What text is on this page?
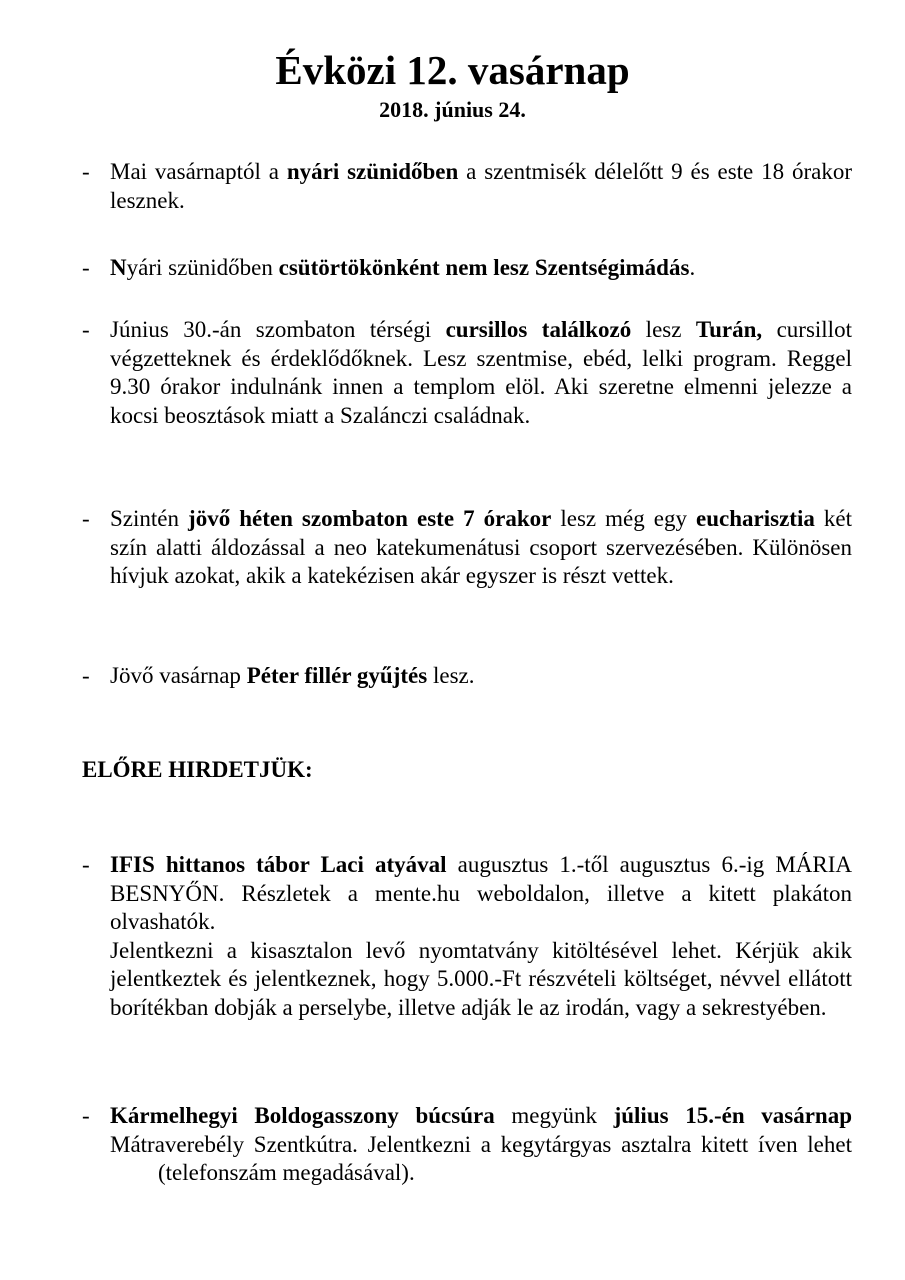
Évközi 12. vasárnap
2018. június 24.
- Mai vasárnaptól a nyári szünidőben a szentmisék délelőtt 9 és este 18 órakor lesznek.
- Nyári szünidőben csütörtökönként nem lesz Szentségimádás.
- Június 30.-án szombaton térségi cursillos találkozó lesz Turán, cursillot végzetteknek és érdeklődőknek. Lesz szentmise, ebéd, lelki program. Reggel 9.30 órakor indulnánk innen a templom elöl. Aki szeretne elmenni jelezze a kocsi beosztások miatt a Szalánczi családnak.
- Szintén jövő héten szombaton este 7 órakor lesz még egy eucharisztia két szín alatti áldozással a neo katekumenátusi csoport szervezésében. Különösen hívjuk azokat, akik a katekézisen akár egyszer is részt vettek.
- Jövő vasárnap Péter fillér gyűjtés lesz.
ELŐRE HIRDETJÜK:
- IFIS hittanos tábor Laci atyával augusztus 1.-től augusztus 6.-ig MÁRIA BESNYŐN. Részletek a mente.hu weboldalon, illetve a kitett plakáton olvashatók.

Jelentkezni a kisasztalon levő nyomtatvány kitöltésével lehet. Kérjük akik jelentkeztek és jelentkeznek, hogy 5.000.-Ft részvételi költséget, névvel ellátott borítékban dobják a perselybe, illetve adják le az irodán, vagy a sekrestyében.

- Kármelhegyi Boldogasszony búcsúra megyünk július 15.-én vasárnap Mátraverebély Szentkútra. Jelentkezni a kegytárgyas asztalra kitett íven lehet(telefonszám megadásával).
